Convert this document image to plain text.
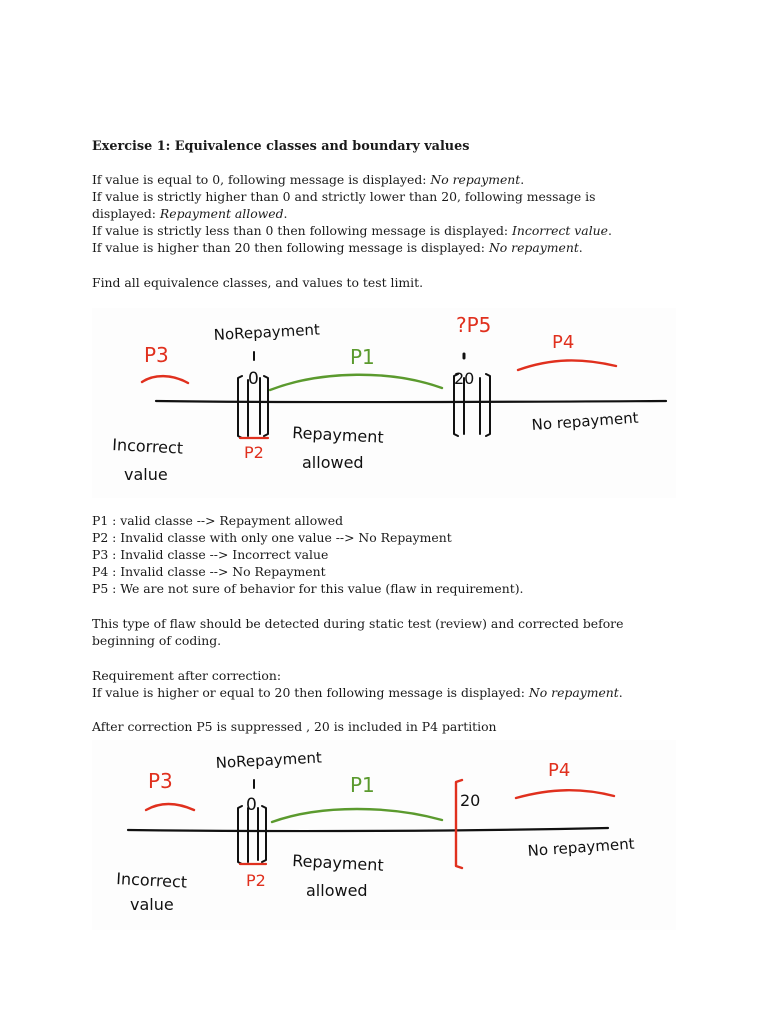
Exercise 1: Equivalence classes and boundary values
If value is equal to 0, following message is displayed: No repayment.
If value is strictly higher than 0 and strictly lower than 20, following message is
displayed: Repayment allowed.
If value is strictly less than 0 then following message is displayed: Incorrect value.
If value is higher than 20 then following message is displayed: No repayment.
Find all equivalence classes, and values to test limit.
P1 : valid classe --> Repayment allowed
P2 : Invalid classe with only one value --> No Repayment
P3 : Invalid classe --> Incorrect value
P4 : Invalid classe --> No Repayment
P5 : We are not sure of behavior for this value (flaw in requirement).
This type of flaw should be detected during static test (review) and corrected before
beginning of coding.
Requirement after correction:
If value is higher or equal to 20 then following message is displayed: No repayment.
After correction P5 is suppressed , 20 is included in P4 partition
NoRepayment
0	20
Incorrect
value
Repayment
allowed
No repayment
P3
P2
P4
?P5
P1
NoRepayment
0	20
Incorrect
value
Repayment
allowed
No repayment
P3
P2
P4
P1
